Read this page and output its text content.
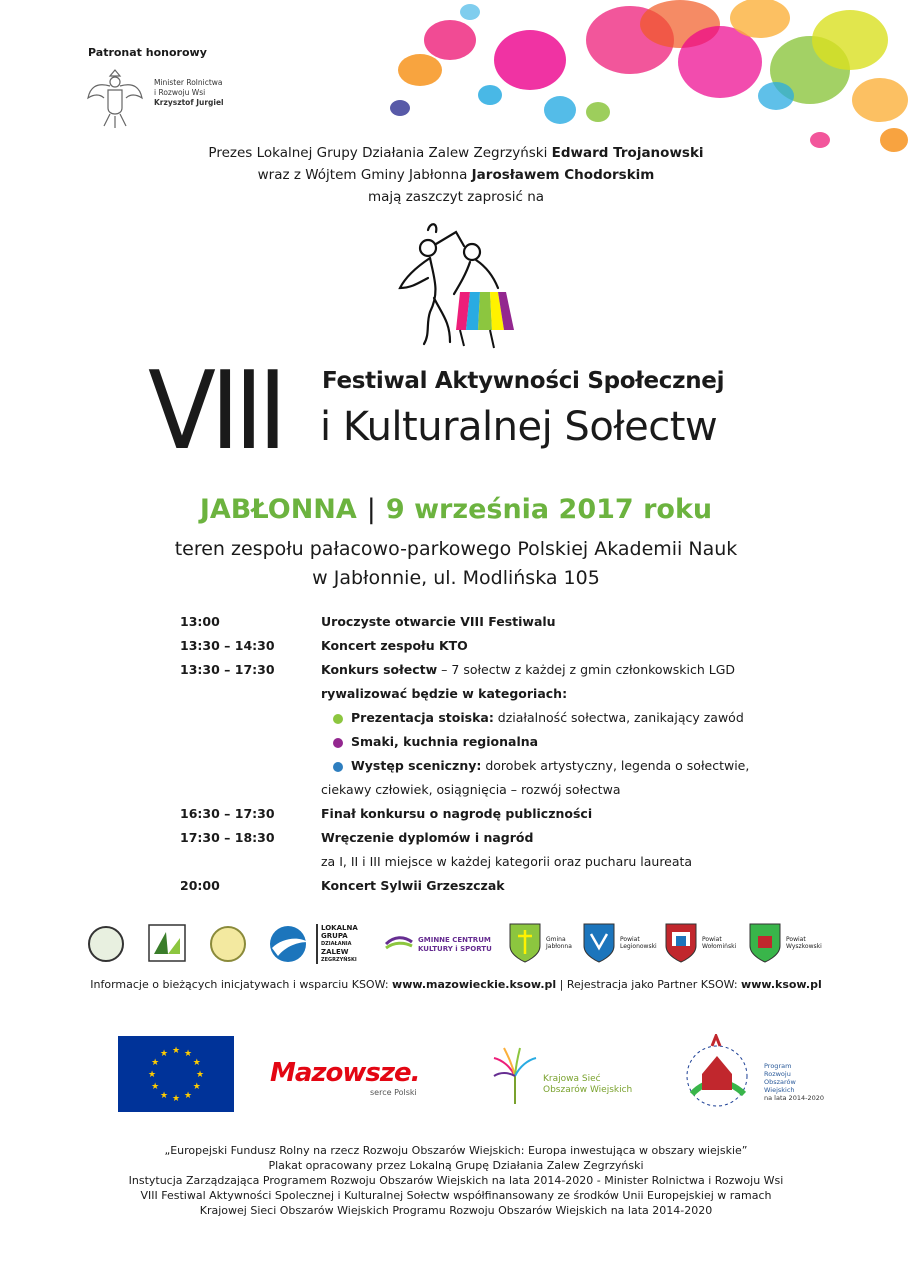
Patronat honorowy
Minister Rolnictwa
i Rozwoju Wsi
Krzysztof Jurgiel
Prezes Lokalnej Grupy Działania Zalew Zegrzyński Edward Trojanowski
wraz z Wójtem Gminy Jabłonna Jarosławem Chodorskim
mają zaszczyt zaprosić na
VIII Festiwal Aktywności Społecznej
i Kulturalnej Sołectw
JABŁONNA | 9 września 2017 roku
teren zespołu pałacowo-parkowego Polskiej Akademii Nauk
w Jabłonnie, ul. Modlińska 105
13:00	Uroczyste otwarcie VIII Festiwalu
13:30 – 14:30	Koncert zespołu KTO
13:30 – 17:30	Konkurs sołectw – 7 sołectw z każdej z gmin członkowskich LGD
rywalizować będzie w kategoriach:
Prezentacja stoiska: działalność sołectwa, zanikający zawód
Smaki, kuchnia regionalna
Występ sceniczny: dorobek artystyczny, legenda o sołectwie,
ciekawy człowiek, osiągnięcia – rozwój sołectwa
16:30 – 17:30	Finał konkursu o nagrodę publiczności
17:30 – 18:30	Wręczenie dyplomów i nagród
za I, II i III miejsce w każdej kategorii oraz pucharu laureata
20:00	Koncert Sylwii Grzeszczak
LOKALNA
GRUPA
DZIAŁANIA
ZALEW
ZEGRZYŃSKI
GMINNE CENTRUM
KULTURY i SPORTU
Gmina
Jabłonna
Powiat
Legionowski
Powiat
Wołomiński
Powiat
Wyszkowski
Informacje o bieżących inicjatywach i wsparciu KSOW: www.mazowieckie.ksow.pl | Rejestracja jako Partner KSOW: www.ksow.pl
★
★
★
★
★
★
★
★
★ ★ ★
★	Mazowsze.
serce Polski
Krajowa Sieć
Obszarów Wiejskich
Program
Rozwoju
Obszarów
Wiejskich
na lata 2014-2020
„Europejski Fundusz Rolny na rzecz Rozwoju Obszarów Wiejskich: Europa inwestująca w obszary wiejskie”
Plakat opracowany przez Lokalną Grupę Działania Zalew Zegrzyński
Instytucja Zarządzająca Programem Rozwoju Obszarów Wiejskich na lata 2014-2020 - Minister Rolnictwa i Rozwoju Wsi
VIII Festiwal Aktywności Spolecznej i Kulturalnej Sołectw współfinansowany ze środków Unii Europejskiej w ramach
Krajowej Sieci Obszarów Wiejskich Programu Rozwoju Obszarów Wiejskich na lata 2014-2020
